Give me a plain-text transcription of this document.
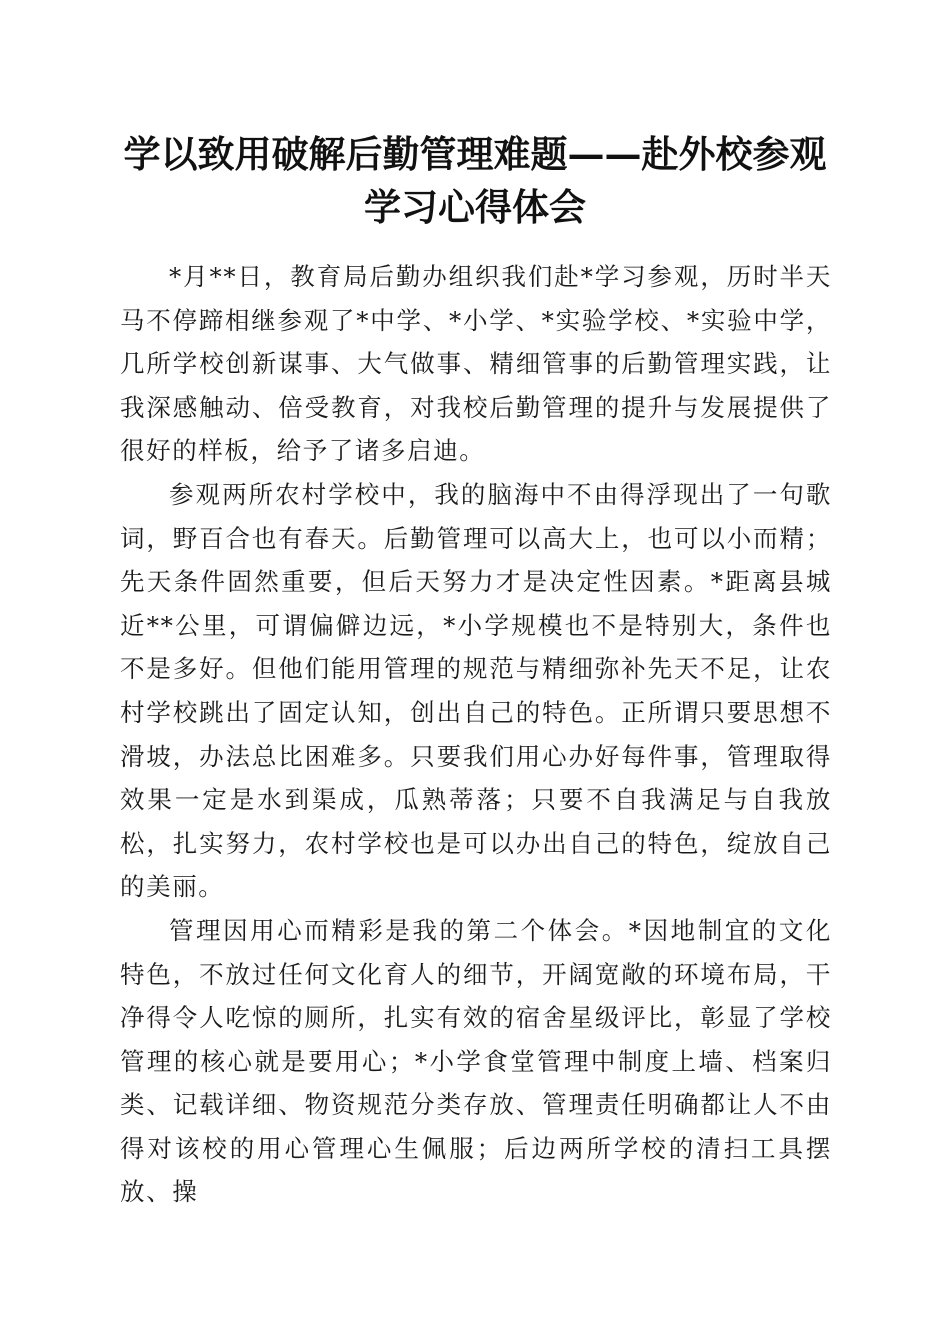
学以致用破解后勤管理难题——赴外校参观学习心得体会

*月**日，教育局后勤办组织我们赴*学习参观，历时半天马不停蹄相继参观了*中学、*小学、*实验学校、*实验中学，几所学校创新谋事、大气做事、精细管事的后勤管理实践，让我深感触动、倍受教育，对我校后勤管理的提升与发展提供了很好的样板，给予了诸多启迪。

参观两所农村学校中，我的脑海中不由得浮现出了一句歌词，野百合也有春天。后勤管理可以高大上，也可以小而精；先天条件固然重要，但后天努力才是决定性因素。*距离县城近**公里，可谓偏僻边远，*小学规模也不是特别大，条件也不是多好。但他们能用管理的规范与精细弥补先天不足，让农村学校跳出了固定认知，创出自己的特色。正所谓只要思想不滑坡，办法总比困难多。只要我们用心办好每件事，管理取得效果一定是水到渠成，瓜熟蒂落；只要不自我满足与自我放松，扎实努力，农村学校也是可以办出自己的特色，绽放自己的美丽。

管理因用心而精彩是我的第二个体会。*因地制宜的文化特色，不放过任何文化育人的细节，开阔宽敞的环境布局，干净得令人吃惊的厕所，扎实有效的宿舍星级评比，彰显了学校管理的核心就是要用心；*小学食堂管理中制度上墙、档案归类、记载详细、物资规范分类存放、管理责任明确都让人不由得对该校的用心管理心生佩服；后边两所学校的清扫工具摆放、操
